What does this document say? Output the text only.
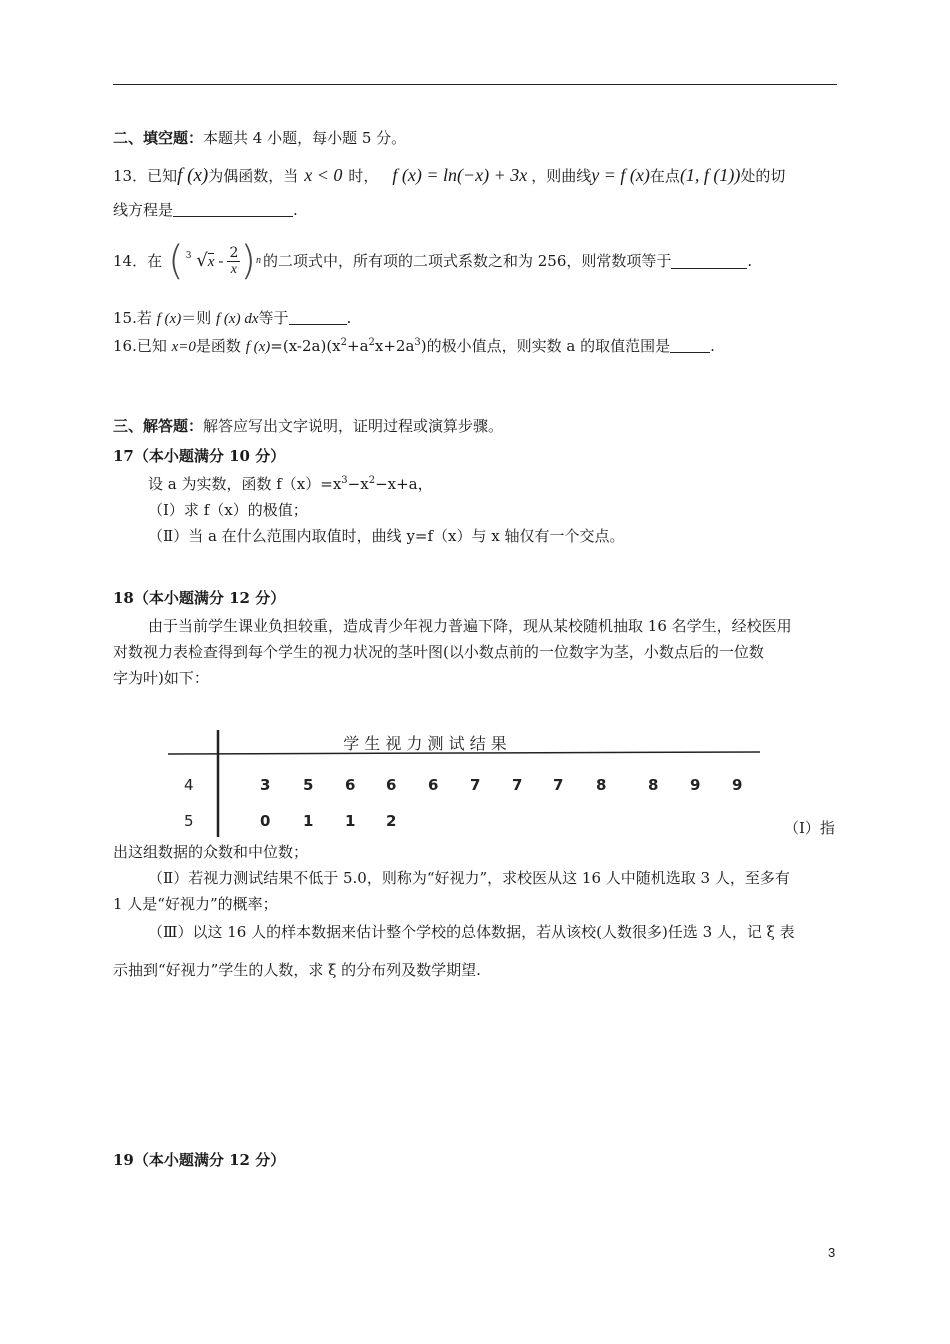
二、填空题：本题共 4 小题，每小题 5 分。
13．已知f (x)为偶函数，当 x < 0 时， f (x) = ln(−x) + 3x ，则曲线y = f (x)在点(1, f (1))处的切
线方程是	.
14．在 ( $^3$ $√x - \frac{2}{x}$ ) n 的二项式中，所有项的二项式系数之和为 256，则常数项等于	.
15.若 f (x)＝则 f (x) dx等于	.
16.已知 x=0是函数 f $(x)=(x-2a)(x^2+a^2x+2a^3)$的极小值点，则实数 a 的取值范围是	.
三、解答题：解答应写出文字说明，证明过程或演算步骤。
17（本小题满分 10 分）
设 a 为实数，函数 $f(x)=x^3-x^2-x+a$，
（Ⅰ）求 f（x）的极值；
（Ⅱ）当 a 在什么范围内取值时，曲线 y=f（x）与 x 轴仅有一个交点。
18（本小题满分 12 分）
由于当前学生课业负担较重，造成青少年视力普遍下降，现从某校随机抽取 16 名学生，经校医用
对数视力表检查得到每个学生的视力状况的茎叶图(以小数点前的一位数字为茎，小数点后的一位数
字为叶)如下：
学 生 视 力 测 试 结 果
4	3 5 6 6 6 7 7 7 8	8 9 9
5	0 1 1 2	（Ⅰ）指
出这组数据的众数和中位数；
（Ⅱ）若视力测试结果不低于 5.0，则称为“好视力”，求校医从这 16 人中随机选取 3 人，至多有
1 人是“好视力”的概率；
（Ⅲ）以这 16 人的样本数据来估计整个学校的总体数据，若从该校(人数很多)任选 3 人，记 ξ 表
示抽到“好视力”学生的人数，求 ξ 的分布列及数学期望.
19（本小题满分 12 分）
3
